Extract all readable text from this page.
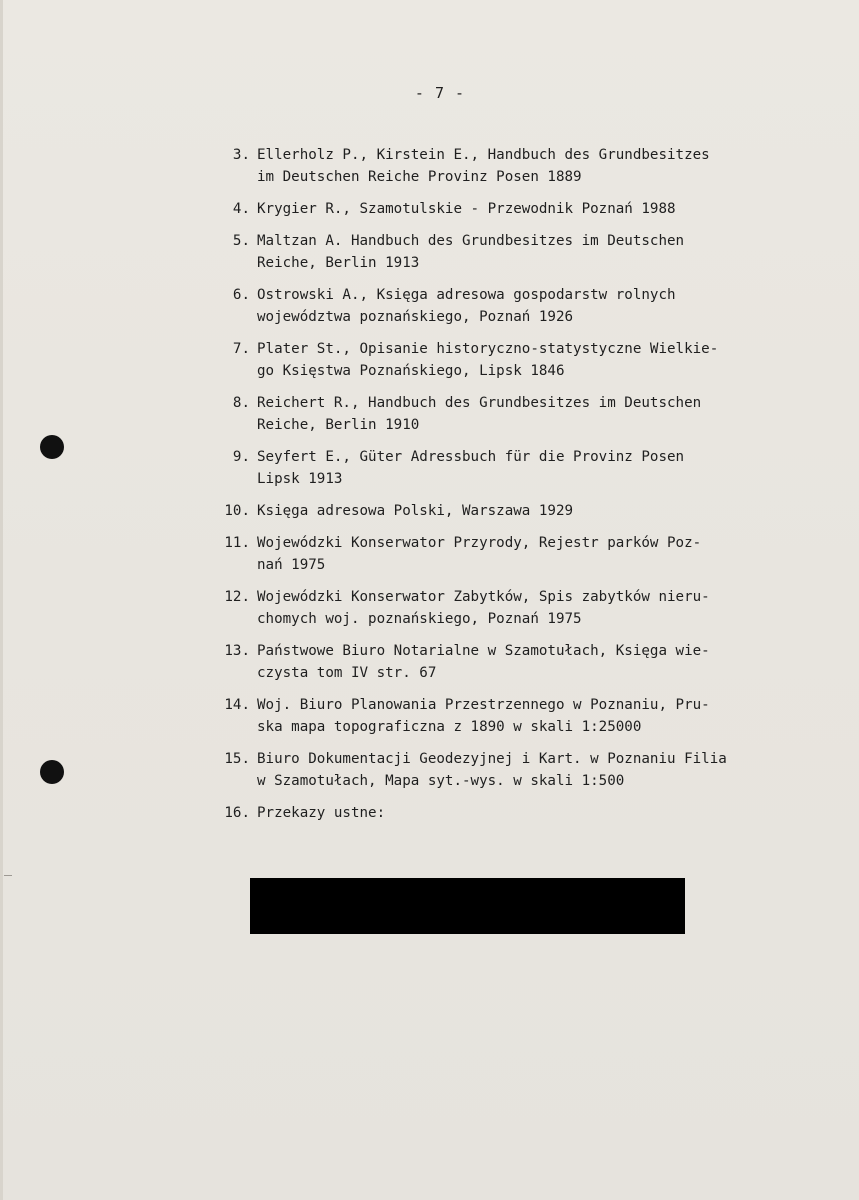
- 7 -
3. Ellerholz P., Kirstein E., Handbuch des Grundbesitzes
im Deutschen Reiche Provinz Posen 1889
4. Krygier R., Szamotulskie - Przewodnik Poznań 1988
5. Maltzan A. Handbuch des Grundbesitzes im Deutschen
Reiche, Berlin 1913
6. Ostrowski A., Księga adresowa gospodarstw rolnych
województwa poznańskiego, Poznań 1926
7. Plater St., Opisanie historyczno-statystyczne Wielkie-
go Księstwa Poznańskiego, Lipsk 1846
8. Reichert R., Handbuch des Grundbesitzes im Deutschen
Reiche, Berlin 1910
9. Seyfert E., Güter Adressbuch für die Provinz Posen
Lipsk 1913
10. Księga adresowa Polski, Warszawa 1929
11. Wojewódzki Konserwator Przyrody, Rejestr parków Poz-
nań 1975
12. Wojewódzki Konserwator Zabytków, Spis zabytków nieru-
chomych woj. poznańskiego, Poznań 1975
13. Państwowe Biuro Notarialne w Szamotułach, Księga wie-
czysta tom IV str. 67
14. Woj. Biuro Planowania Przestrzennego w Poznaniu, Pru-
ska mapa topograficzna z 1890 w skali 1:25000
15. Biuro Dokumentacji Geodezyjnej i Kart. w Poznaniu Filia
w Szamotułach, Mapa syt.-wys. w skali 1:500
16. Przekazy ustne:
